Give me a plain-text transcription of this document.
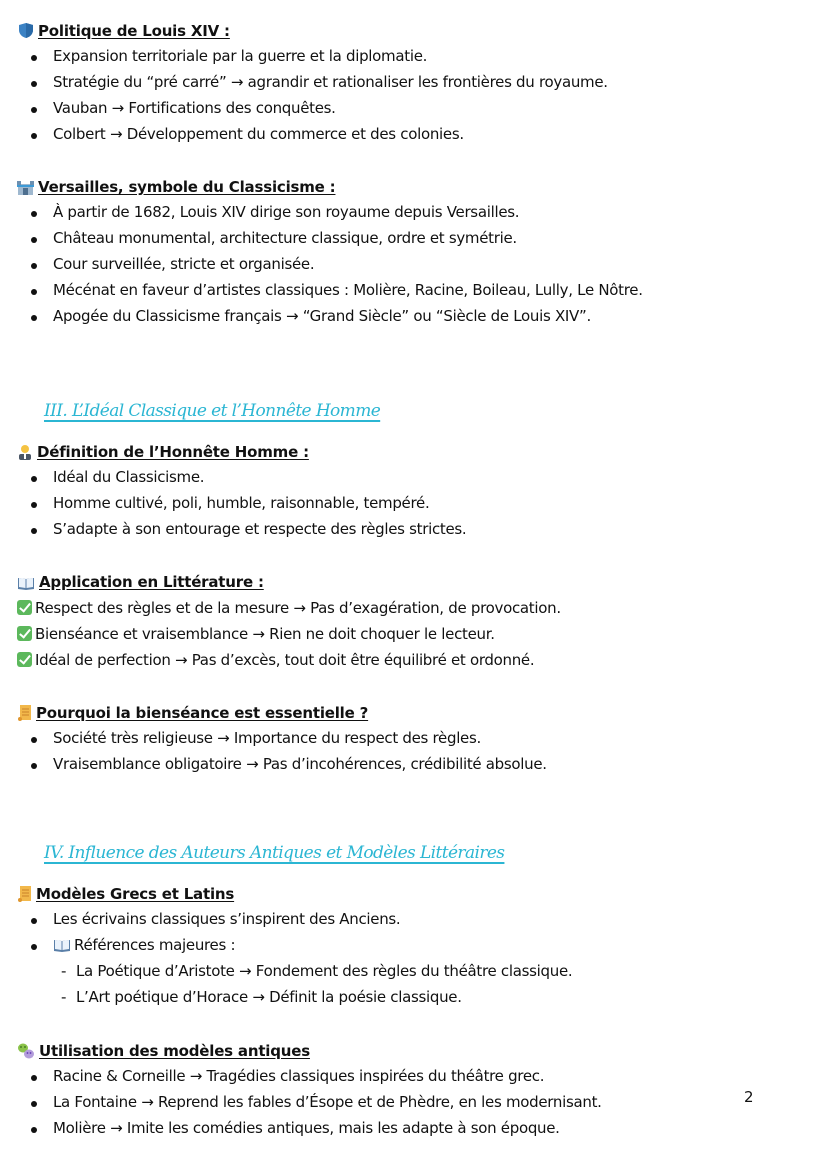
Politique de Louis XIV :
Expansion territoriale par la guerre et la diplomatie.
Stratégie du “pré carré” → agrandir et rationaliser les frontières du royaume.
Vauban → Fortifications des conquêtes.
Colbert → Développement du commerce et des colonies.
Versailles, symbole du Classicisme :
À partir de 1682, Louis XIV dirige son royaume depuis Versailles.
Château monumental, architecture classique, ordre et symétrie.
Cour surveillée, stricte et organisée.
Mécénat en faveur d’artistes classiques : Molière, Racine, Boileau, Lully, Le Nôtre.
Apogée du Classicisme français → “Grand Siècle” ou “Siècle de Louis XIV”.
III. L’Idéal Classique et l’Honnête Homme
Définition de l’Honnête Homme :
Idéal du Classicisme.
Homme cultivé, poli, humble, raisonnable, tempéré.
S’adapte à son entourage et respecte des règles strictes.
Application en Littérature :
Respect des règles et de la mesure → Pas d’exagération, de provocation.
Bienséance et vraisemblance → Rien ne doit choquer le lecteur.
Idéal de perfection → Pas d’excès, tout doit être équilibré et ordonné.
Pourquoi la bienséance est essentielle ?
Société très religieuse → Importance du respect des règles.
Vraisemblance obligatoire → Pas d’incohérences, crédibilité absolue.
IV. Influence des Auteurs Antiques et Modèles Littéraires
Modèles Grecs et Latins
Les écrivains classiques s’inspirent des Anciens.
Références majeures :
- La Poétique d’Aristote → Fondement des règles du théâtre classique.
- L’Art poétique d’Horace → Définit la poésie classique.
Utilisation des modèles antiques
Racine & Corneille → Tragédies classiques inspirées du théâtre grec.
La Fontaine → Reprend les fables d’Ésope et de Phèdre, en les modernisant.
Molière → Imite les comédies antiques, mais les adapte à son époque.
2
